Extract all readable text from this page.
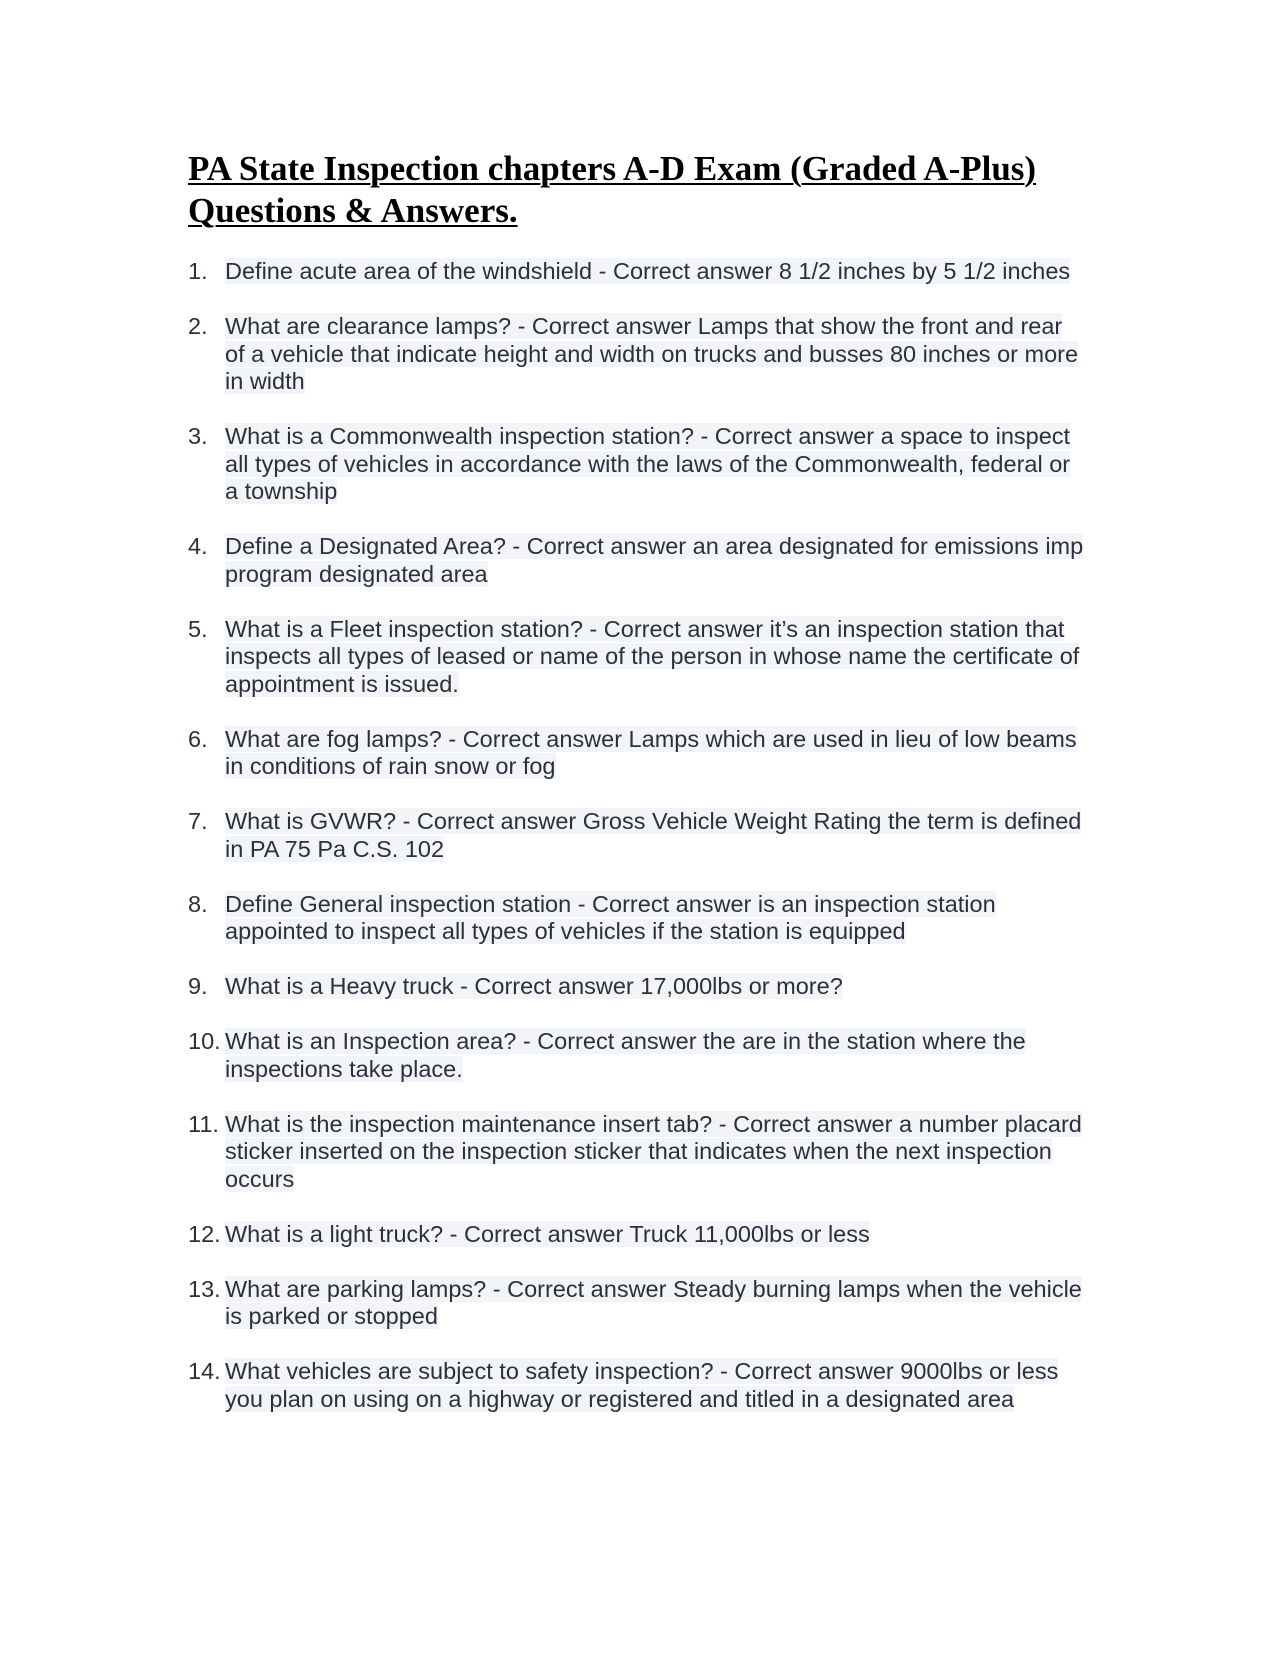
PA State Inspection chapters A-D Exam (Graded A-Plus)
Questions & Answers.
1. Define acute area of the windshield - Correct answer 8 1/2 inches by 5 1/2 inches
2. What are clearance lamps? - Correct answer Lamps that show the front and rear of a vehicle that indicate height and width on trucks and busses 80 inches or more in width
3. What is a Commonwealth inspection station? - Correct answer a space to inspect all types of vehicles in accordance with the laws of the Commonwealth, federal or a township
4. Define a Designated Area? - Correct answer an area designated for emissions imp program designated area
5. What is a Fleet inspection station? - Correct answer it’s an inspection station that inspects all types of leased or name of the person in whose name the certificate of appointment is issued.
6. What are fog lamps? - Correct answer Lamps which are used in lieu of low beams in conditions of rain snow or fog
7. What is GVWR? - Correct answer Gross Vehicle Weight Rating the term is defined in PA 75 Pa C.S. 102
8. Define General inspection station - Correct answer is an inspection station appointed to inspect all types of vehicles if the station is equipped
9. What is a Heavy truck - Correct answer 17,000lbs or more?
10. What is an Inspection area? - Correct answer the are in the station where the inspections take place.
11. What is the inspection maintenance insert tab? - Correct answer a number placard sticker inserted on the inspection sticker that indicates when the next inspection occurs
12. What is a light truck? - Correct answer Truck 11,000lbs or less
13. What are parking lamps? - Correct answer Steady burning lamps when the vehicle is parked or stopped
14. What vehicles are subject to safety inspection? - Correct answer 9000lbs or less you plan on using on a highway or registered and titled in a designated area
